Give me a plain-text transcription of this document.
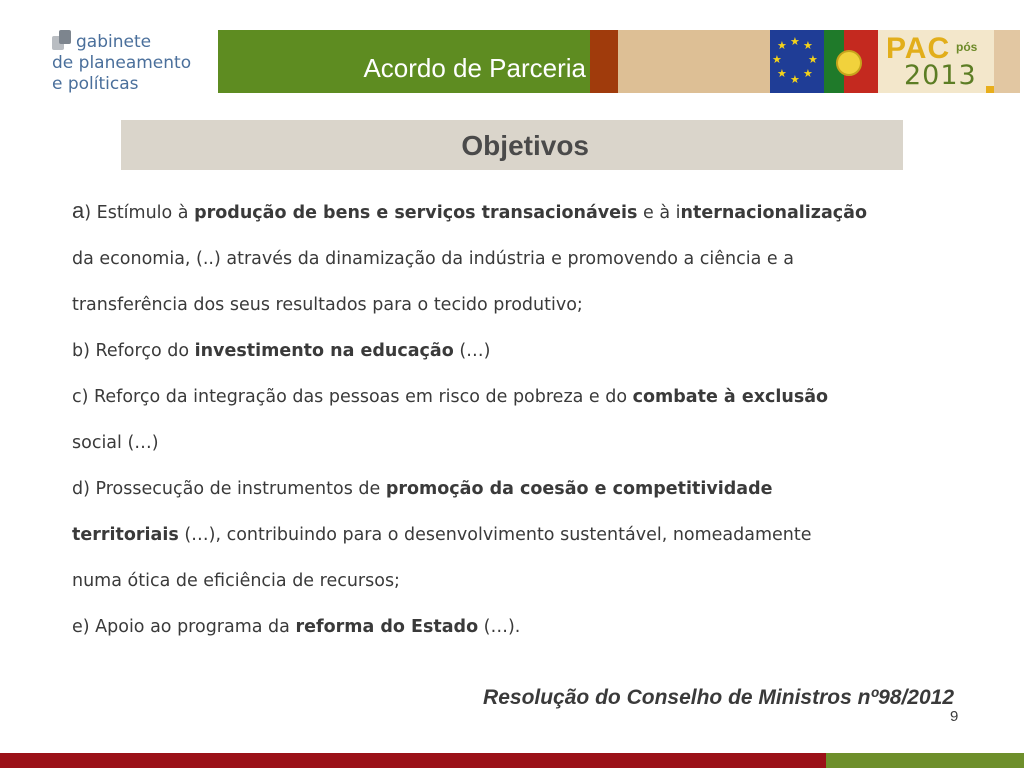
gabinete
de planeamento
e políticas
Acordo de Parceria
★ ★
★
★
★
★
★
★	PAC pós
2013
Objetivos

a) Estímulo à produção de bens e serviços transacionáveis e à internacionalização

da economia, (..) através da dinamização da indústria e promovendo a ciência e a

transferência dos seus resultados para o tecido produtivo;

b) Reforço do investimento na educação (…)

c) Reforço da integração das pessoas em risco de pobreza e do combate à exclusão

social (…)

d) Prossecução de instrumentos de promoção da coesão e competitividade

territoriais (…), contribuindo para o desenvolvimento sustentável, nomeadamente

numa ótica de eficiência de recursos;

e) Apoio ao programa da reforma do Estado (…).

Resolução do Conselho de Ministros nº98/2012
9
